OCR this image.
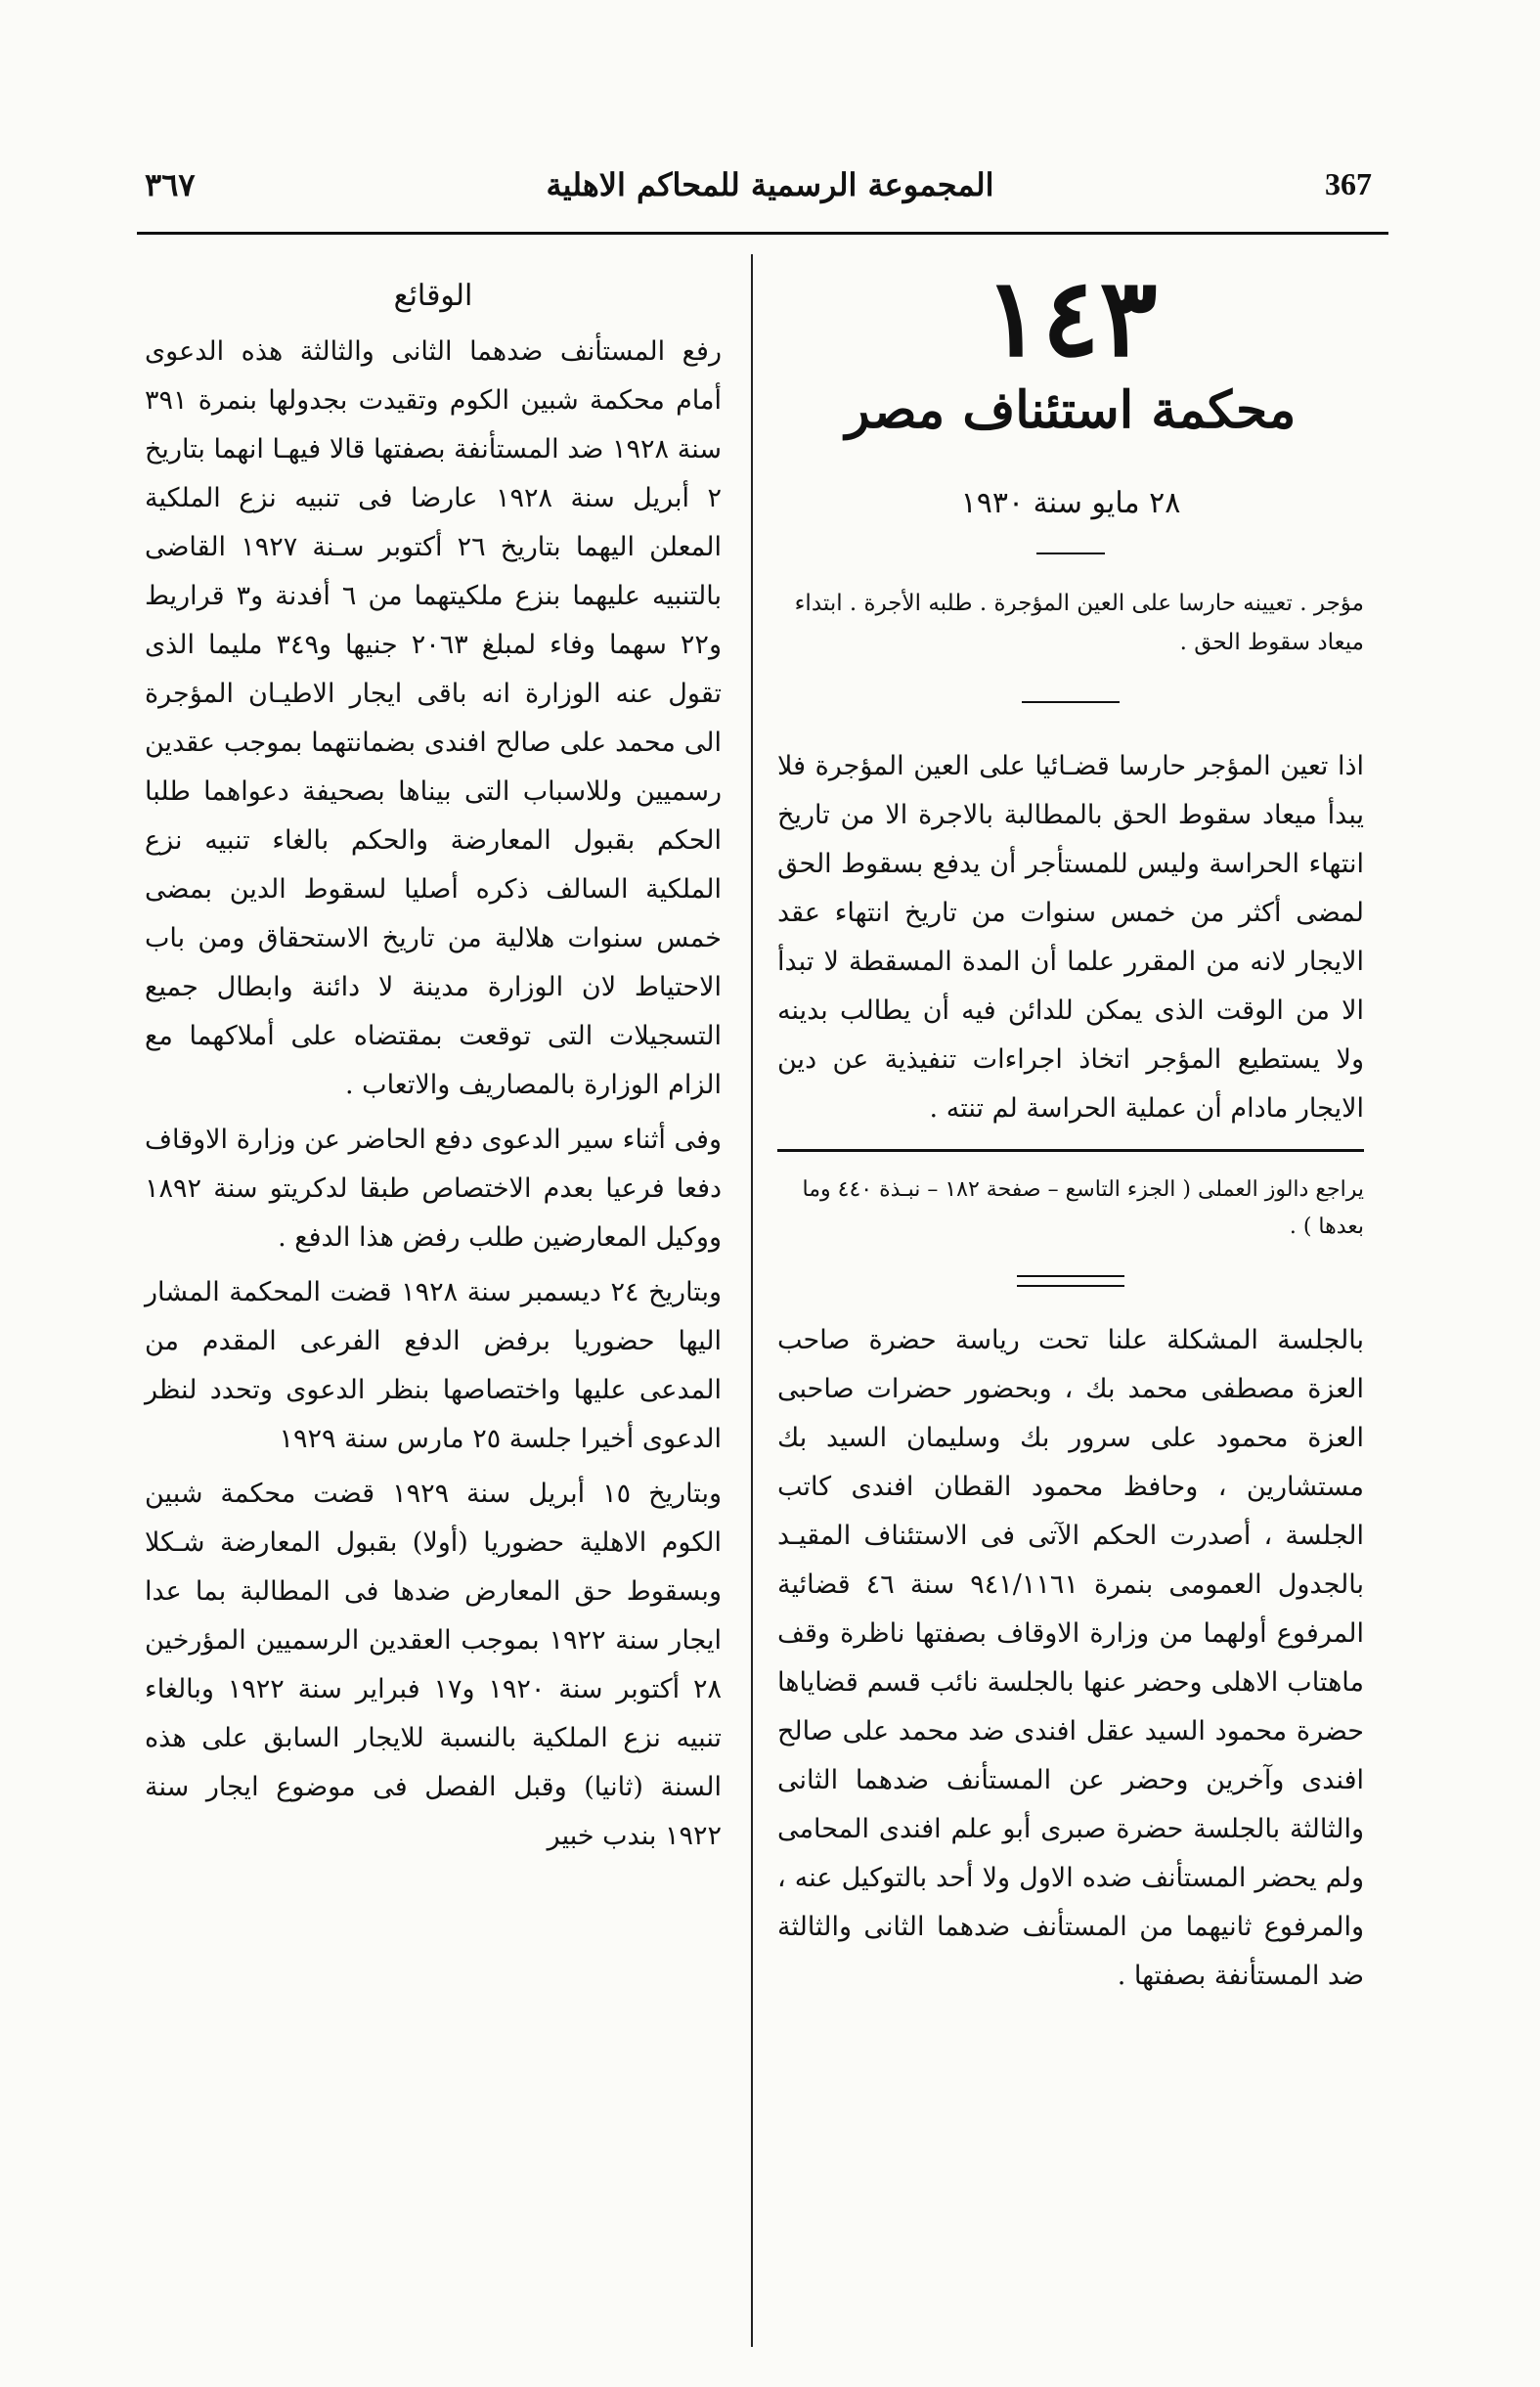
367
المجموعة الرسمية للمحاكم الاهلية
٣٦٧
١٤٣
محكمة استئناف مصر
٢٨ مايو سنة ١٩٣٠
مؤجر . تعيينه حارسا على العين المؤجرة . طلبه الأجرة . ابتداء ميعاد سقوط الحق .
اذا تعين المؤجر حارسا قضـائيا على العين المؤجرة فلا يبدأ ميعاد سقوط الحق بالمطالبة بالاجرة الا من تاريخ انتهاء الحراسة وليس للمستأجر أن يدفع بسقوط الحق لمضى أكثر من خمس سنوات من تاريخ انتهاء عقد الايجار لانه من المقرر علما أن المدة المسقطة لا تبدأ الا من الوقت الذى يمكن للدائن فيه أن يطالب بدينه ولا يستطيع المؤجر اتخاذ اجراءات تنفيذية عن دين الايجار مادام أن عملية الحراسة لم تنته .
يراجع دالوز العملى ( الجزء التاسع – صفحة ١٨٢ – نبـذة ٤٤٠ وما بعدها ) .
بالجلسة المشكلة علنا تحت رياسة حضرة صاحب العزة مصطفى محمد بك ، وبحضور حضرات صاحبى العزة محمود على سرور بك وسليمان السيد بك مستشارين ، وحافظ محمود القطان افندى كاتب الجلسة ، أصدرت الحكم الآتى فى الاستئناف المقيـد بالجدول العمومى بنمرة ٩٤١/١١٦١ سنة ٤٦ قضائية المرفوع أولهما من وزارة الاوقاف بصفتها ناظرة وقف ماهتاب الاهلى وحضر عنها بالجلسة نائب قسم قضاياها حضرة محمود السيد عقل افندى ضد محمد على صالح افندى وآخرين وحضر عن المستأنف ضدهما الثانى والثالثة بالجلسة حضرة صبرى أبو علم افندى المحامى ولم يحضر المستأنف ضده الاول ولا أحد بالتوكيل عنه ، والمرفوع ثانيهما من المستأنف ضدهما الثانى والثالثة ضد المستأنفة بصفتها .
الوقائع
رفع المستأنف ضدهما الثانى والثالثة هذه الدعوى أمام محكمة شبين الكوم وتقيدت بجدولها بنمرة ٣٩١ سنة ١٩٢٨ ضد المستأنفة بصفتها قالا فيهـا انهما بتاريخ ٢ أبريل سنة ١٩٢٨ عارضا فى تنبيه نزع الملكية المعلن اليهما بتاريخ ٢٦ أكتوبر سـنة ١٩٢٧ القاضى بالتنبيه عليهما بنزع ملكيتهما من ٦ أفدنة و٣ قراريط و٢٢ سهما وفاء لمبلغ ٢٠٦٣ جنيها و٣٤٩ مليما الذى تقول عنه الوزارة انه باقى ايجار الاطيـان المؤجرة الى محمد على صالح افندى بضمانتهما بموجب عقدين رسميين وللاسباب التى بيناها بصحيفة دعواهما طلبا الحكم بقبول المعارضة والحكم بالغاء تنبيه نزع الملكية السالف ذكره أصليا لسقوط الدين بمضى خمس سنوات هلالية من تاريخ الاستحقاق ومن باب الاحتياط لان الوزارة مدينة لا دائنة وابطال جميع التسجيلات التى توقعت بمقتضاه على أملاكهما مع الزام الوزارة بالمصاريف والاتعاب .
وفى أثناء سير الدعوى دفع الحاضر عن وزارة الاوقاف دفعا فرعيا بعدم الاختصاص طبقا لدكريتو سنة ١٨٩٢ ووكيل المعارضين طلب رفض هذا الدفع .
وبتاريخ ٢٤ ديسمبر سنة ١٩٢٨ قضت المحكمة المشار اليها حضوريا برفض الدفع الفرعى المقدم من المدعى عليها واختصاصها بنظر الدعوى وتحدد لنظر الدعوى أخيرا جلسة ٢٥ مارس سنة ١٩٢٩
وبتاريخ ١٥ أبريل سنة ١٩٢٩ قضت محكمة شبين الكوم الاهلية حضوريا (أولا) بقبول المعارضة شـكلا وبسقوط حق المعارض ضدها فى المطالبة بما عدا ايجار سنة ١٩٢٢ بموجب العقدين الرسميين المؤرخين ٢٨ أكتوبر سنة ١٩٢٠ و١٧ فبراير سنة ١٩٢٢ وبالغاء تنبيه نزع الملكية بالنسبة للايجار السابق على هذه السنة (ثانيا) وقبل الفصل فى موضوع ايجار سنة ١٩٢٢ بندب خبير
